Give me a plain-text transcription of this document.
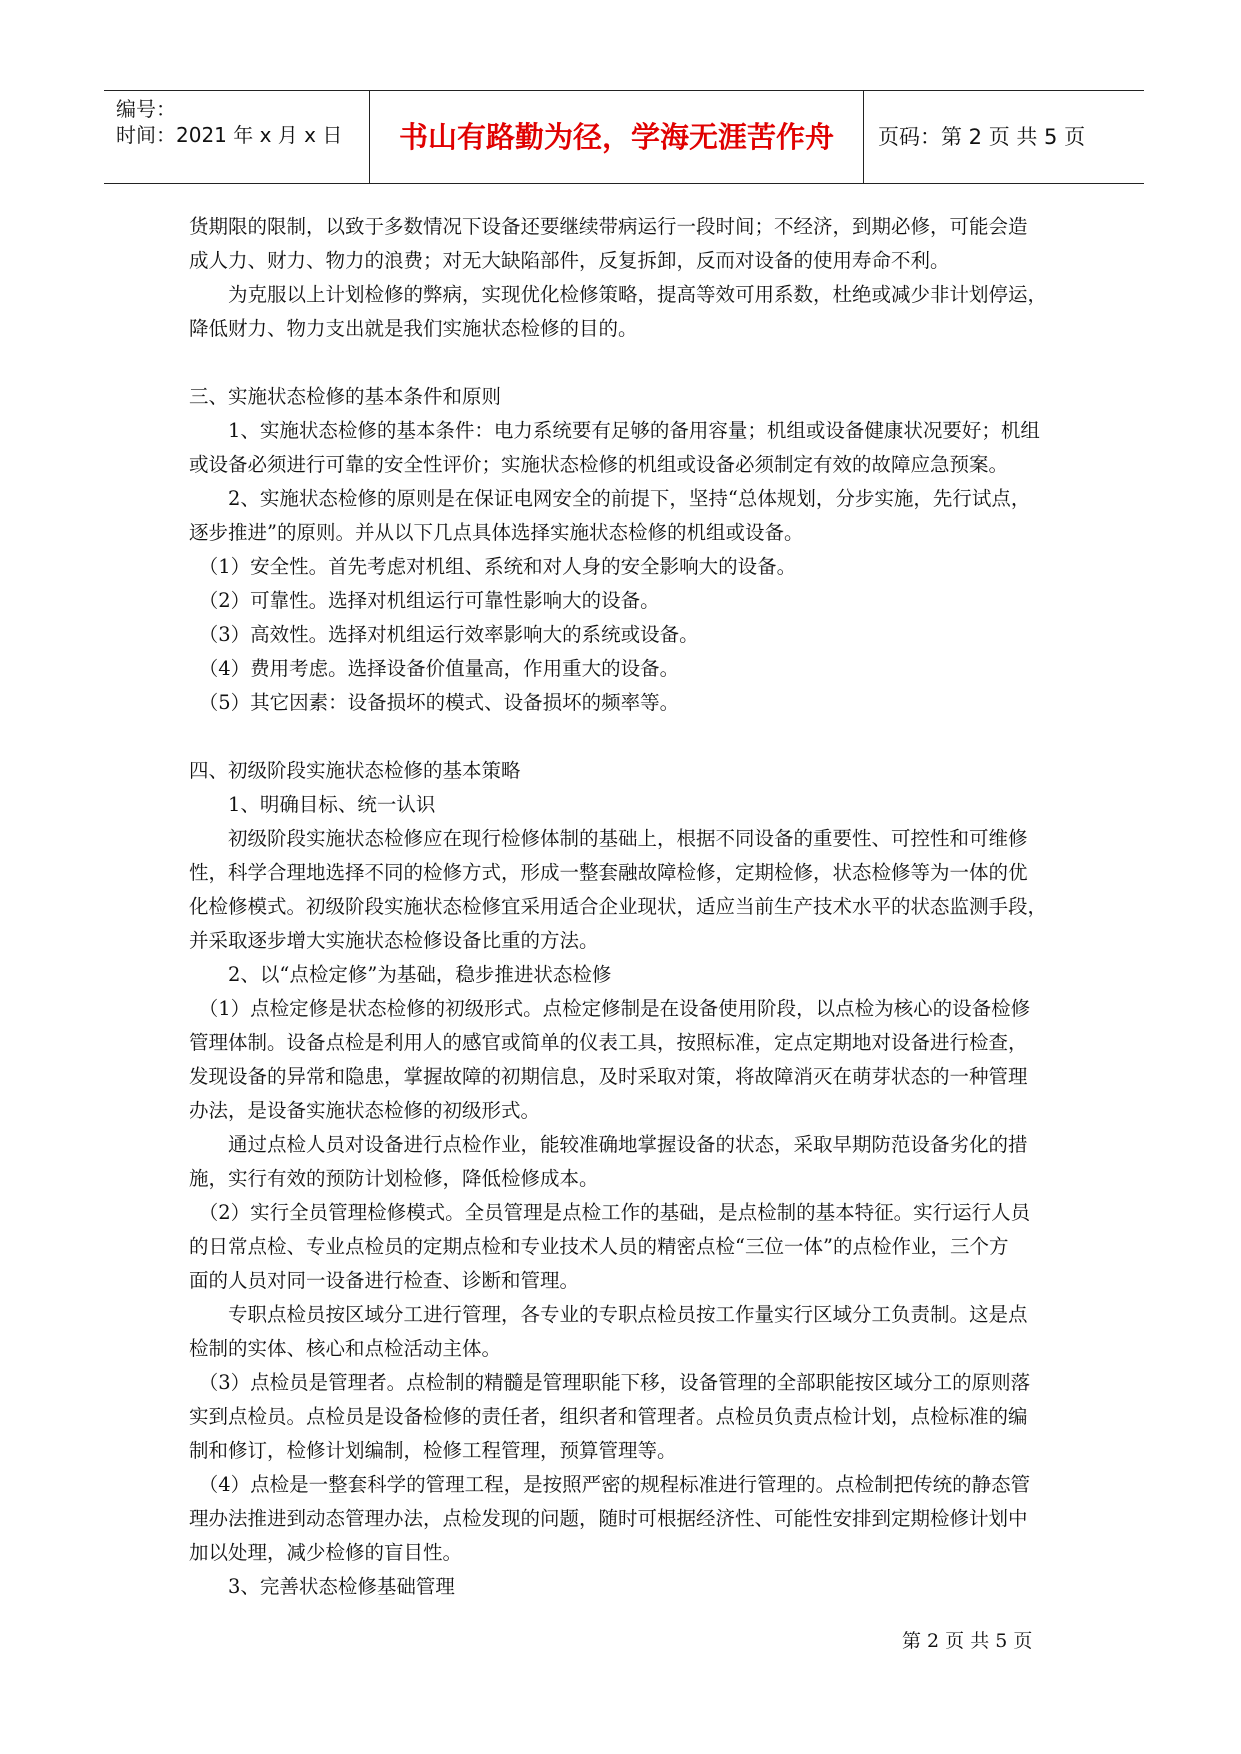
编号：
时间：2021 年 x 月 x 日	书山有路勤为径，学海无涯苦作舟	页码：第 2 页 共 5 页
货期限的限制，以致于多数情况下设备还要继续带病运行一段时间；不经济，到期必修，可能会造
成人力、财力、物力的浪费；对无大缺陷部件，反复拆卸，反而对设备的使用寿命不利。
　　为克服以上计划检修的弊病，实现优化检修策略，提高等效可用系数，杜绝或减少非计划停运，
降低财力、物力支出就是我们实施状态检修的目的。
三、实施状态检修的基本条件和原则
　　1、实施状态检修的基本条件：电力系统要有足够的备用容量；机组或设备健康状况要好；机组
或设备必须进行可靠的安全性评价；实施状态检修的机组或设备必须制定有效的故障应急预案。
　　2、实施状态检修的原则是在保证电网安全的前提下，坚持“总体规划，分步实施，先行试点，
逐步推进”的原则。并从以下几点具体选择实施状态检修的机组或设备。
　（1）安全性。首先考虑对机组、系统和对人身的安全影响大的设备。
　（2）可靠性。选择对机组运行可靠性影响大的设备。
　（3）高效性。选择对机组运行效率影响大的系统或设备。
　（4）费用考虑。选择设备价值量高，作用重大的设备。
　（5）其它因素：设备损坏的模式、设备损坏的频率等。
四、初级阶段实施状态检修的基本策略
　　1、明确目标、统一认识
　　初级阶段实施状态检修应在现行检修体制的基础上，根据不同设备的重要性、可控性和可维修
性，科学合理地选择不同的检修方式，形成一整套融故障检修，定期检修，状态检修等为一体的优
化检修模式。初级阶段实施状态检修宜采用适合企业现状，适应当前生产技术水平的状态监测手段，
并采取逐步增大实施状态检修设备比重的方法。
　　2、以“点检定修”为基础，稳步推进状态检修
　（1）点检定修是状态检修的初级形式。点检定修制是在设备使用阶段，以点检为核心的设备检修
管理体制。设备点检是利用人的感官或简单的仪表工具，按照标准，定点定期地对设备进行检查，
发现设备的异常和隐患，掌握故障的初期信息，及时采取对策，将故障消灭在萌芽状态的一种管理
办法，是设备实施状态检修的初级形式。
　　通过点检人员对设备进行点检作业，能较准确地掌握设备的状态，采取早期防范设备劣化的措
施，实行有效的预防计划检修，降低检修成本。
　（2）实行全员管理检修模式。全员管理是点检工作的基础，是点检制的基本特征。实行运行人员
的日常点检、专业点检员的定期点检和专业技术人员的精密点检“三位一体”的点检作业，三个方
面的人员对同一设备进行检查、诊断和管理。
　　专职点检员按区域分工进行管理，各专业的专职点检员按工作量实行区域分工负责制。这是点
检制的实体、核心和点检活动主体。
　（3）点检员是管理者。点检制的精髓是管理职能下移，设备管理的全部职能按区域分工的原则落
实到点检员。点检员是设备检修的责任者，组织者和管理者。点检员负责点检计划，点检标准的编
制和修订，检修计划编制，检修工程管理，预算管理等。
　（4）点检是一整套科学的管理工程，是按照严密的规程标准进行管理的。点检制把传统的静态管
理办法推进到动态管理办法，点检发现的问题，随时可根据经济性、可能性安排到定期检修计划中
加以处理，减少检修的盲目性。
　　3、完善状态检修基础管理
第 2 页 共 5 页
